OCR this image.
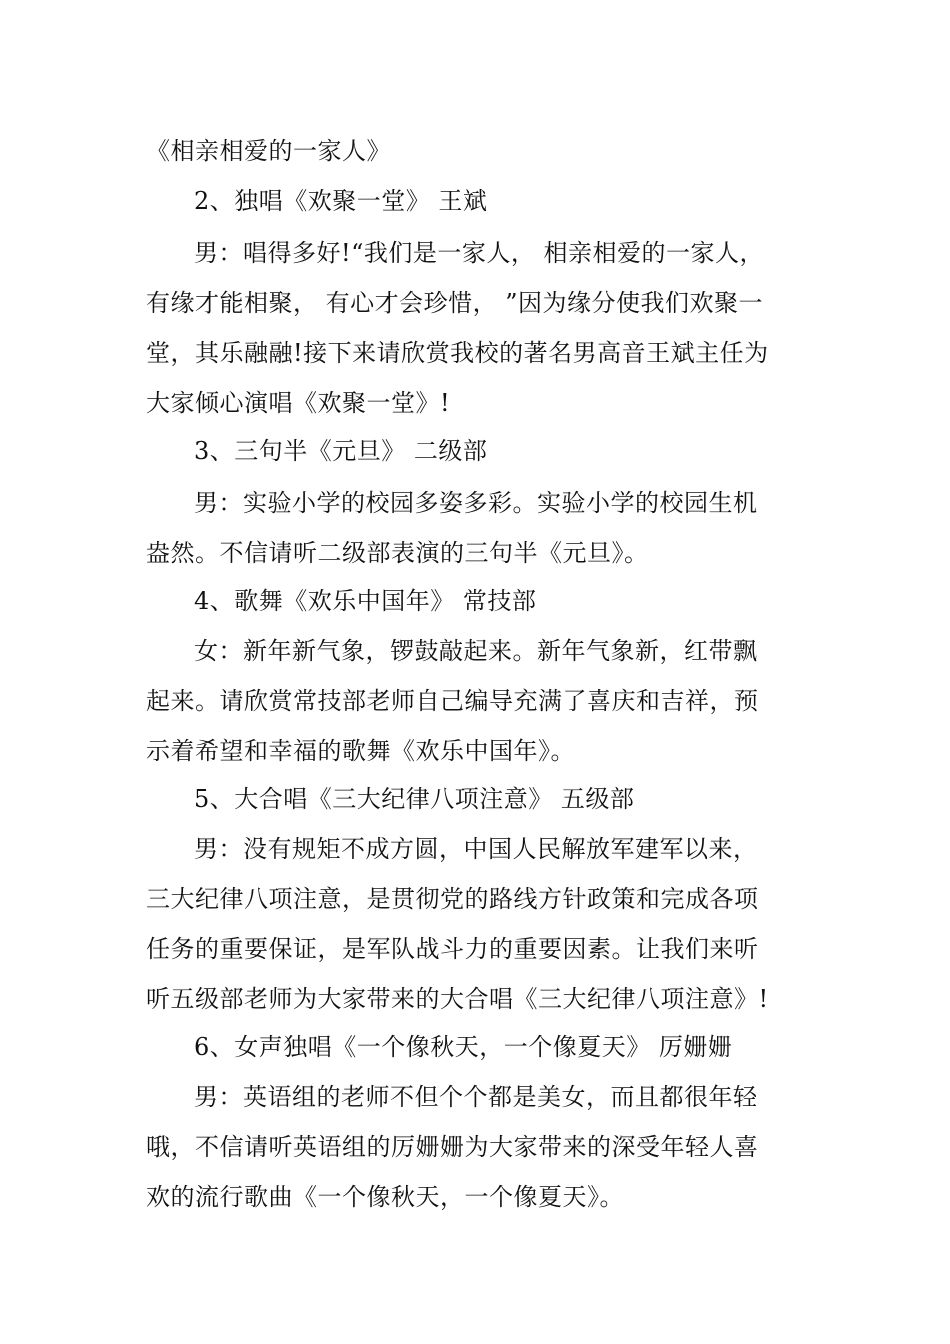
《相亲相爱的一家人》
2、独唱《欢聚一堂》 王斌
男：唱得多好!“我们是一家人， 相亲相爱的一家人，
有缘才能相聚， 有心才会珍惜， ”因为缘分使我们欢聚一
堂，其乐融融!接下来请欣赏我校的著名男高音王斌主任为
大家倾心演唱《欢聚一堂》!
3、三句半《元旦》 二级部
男：实验小学的校园多姿多彩。实验小学的校园生机
盎然。不信请听二级部表演的三句半《元旦》。
4、歌舞《欢乐中国年》 常技部
女：新年新气象，锣鼓敲起来。新年气象新，红带飘
起来。请欣赏常技部老师自己编导充满了喜庆和吉祥，预
示着希望和幸福的歌舞《欢乐中国年》。
5、大合唱《三大纪律八项注意》 五级部
男：没有规矩不成方圆，中国人民解放军建军以来，
三大纪律八项注意，是贯彻党的路线方针政策和完成各项
任务的重要保证，是军队战斗力的重要因素。让我们来听
听五级部老师为大家带来的大合唱《三大纪律八项注意》!
6、女声独唱《一个像秋天，一个像夏天》 厉姗姗
男：英语组的老师不但个个都是美女，而且都很年轻
哦，不信请听英语组的厉姗姗为大家带来的深受年轻人喜
欢的流行歌曲《一个像秋天，一个像夏天》。
